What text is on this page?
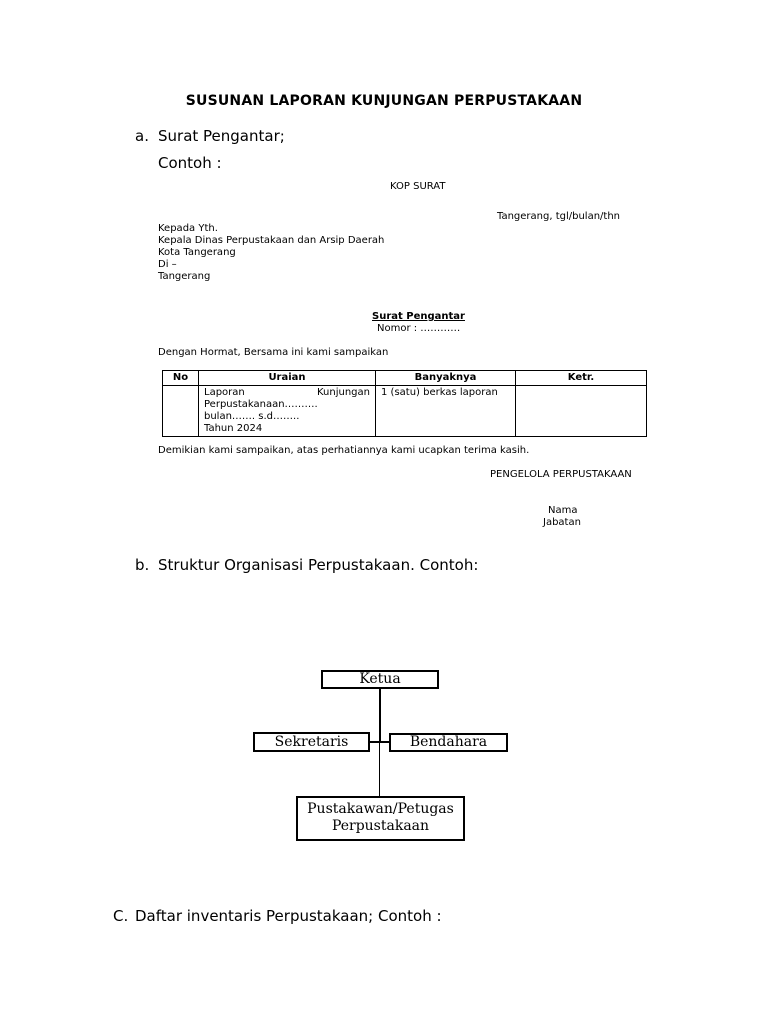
SUSUNAN LAPORAN KUNJUNGAN PERPUSTAKAAN
a. Surat Pengantar;
Contoh :
KOP SURAT
Tangerang, tgl/bulan/thn
Kepada Yth.
Kepala Dinas Perpustakaan dan Arsip Daerah
Kota Tangerang
Di –
Tangerang
Surat Pengantar
Nomor : …………
Dengan Hormat, Bersama ini kami sampaikan
No	Uraian	Banyaknya	Ketr.

	Laporan Kunjungan
Perpustakanaan……….
bulan……. s.d……..
Tahun 2024	1 (satu) berkas laporan	
Demikian kami sampaikan, atas perhatiannya kami ucapkan terima kasih.
PENGELOLA PERPUSTAKAAN
Nama
Jabatan
b. Struktur Organisasi Perpustakaan. Contoh:
Ketua
Sekretaris	Bendahara
Pustakawan/Petugas
Perpustakaan
C. Daftar inventaris Perpustakaan; Contoh :
